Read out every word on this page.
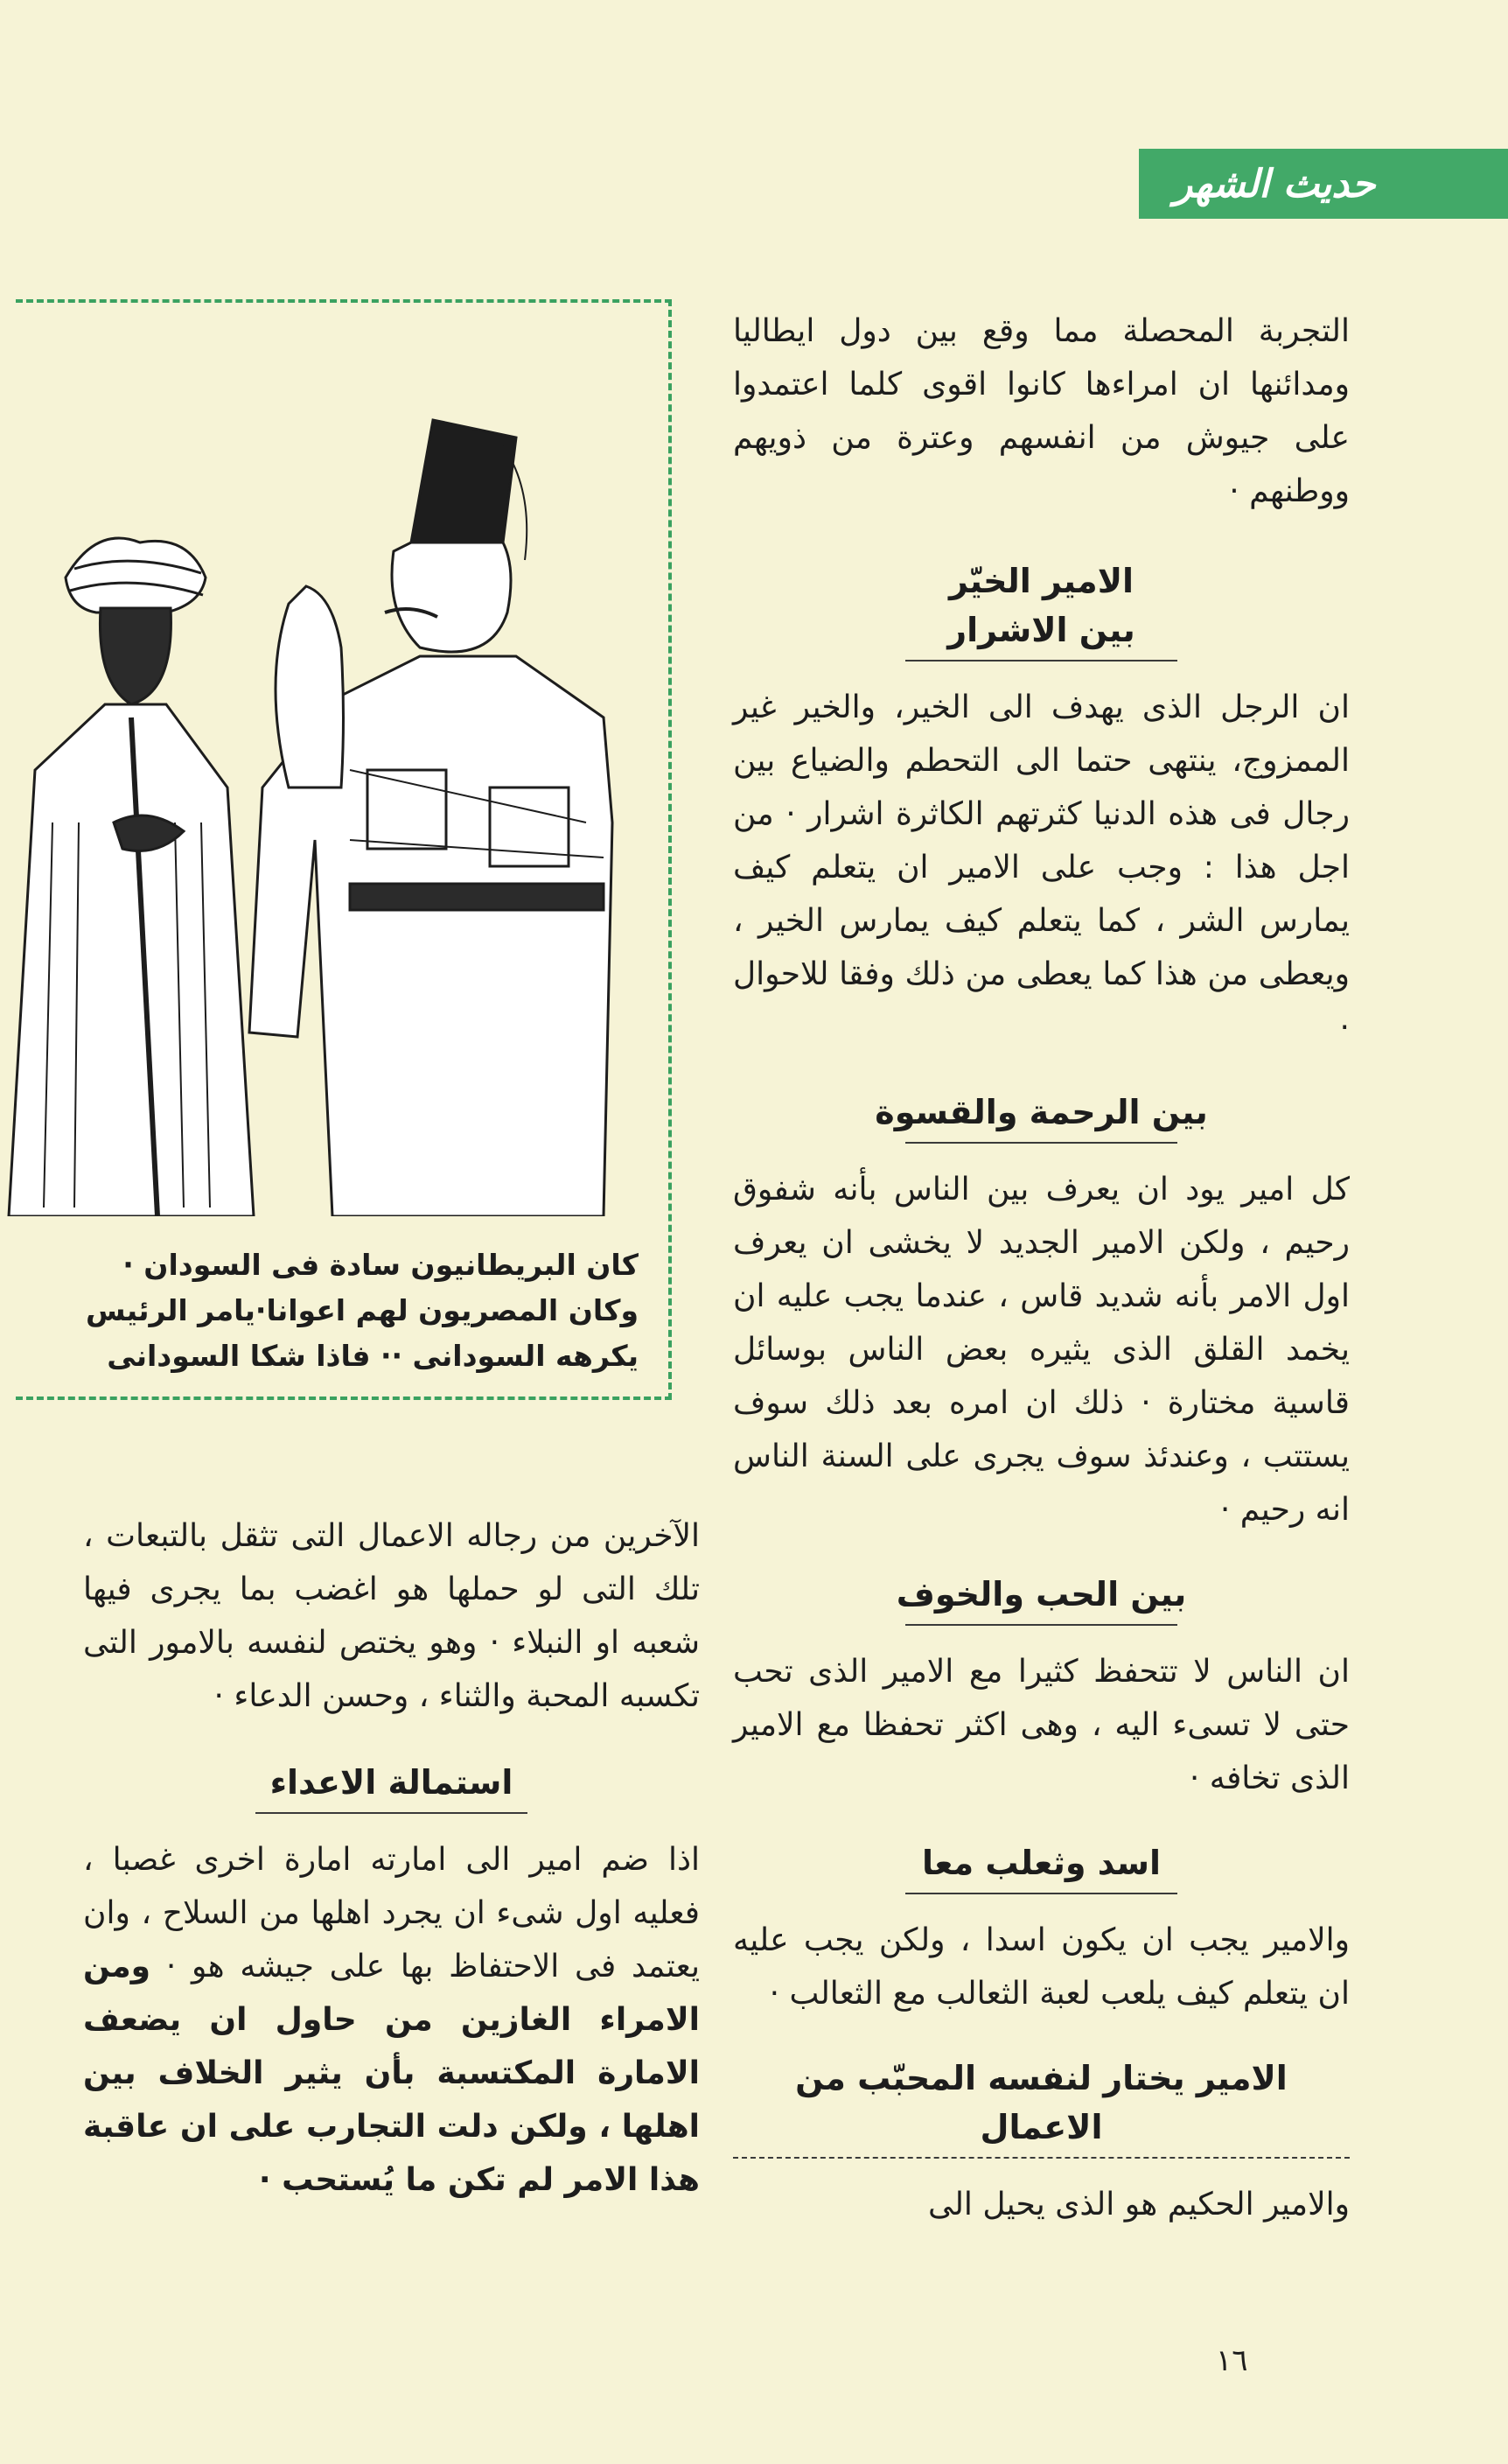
حديث الشهر

التجربة المحصلة مما وقع بين دول ايطاليا ومدائنها ان امراءها كانوا اقوى كلما اعتمدوا على جيوش من انفسهم وعترة من ذويهم ووطنهم ·

الامير الخيّر

بين الاشرار

ان الرجل الذى يهدف الى الخير، والخير غير الممزوج، ينتهى حتما الى التحطم والضياع بين رجال فى هذه الدنيا كثرتهم الكاثرة اشرار · من اجل هذا : وجب على الامير ان يتعلم كيف يمارس الشر ، كما يتعلم كيف يمارس الخير ، ويعطى من هذا كما يعطى من ذلك وفقا للاحوال ·

بين الرحمة والقسوة

كل امير يود ان يعرف بين الناس بأنه شفوق رحيم ، ولكن الامير الجديد لا يخشى ان يعرف اول الامر بأنه شديد قاس ، عندما يجب عليه ان يخمد القلق الذى يثيره بعض الناس بوسائل قاسية مختارة · ذلك ان امره بعد ذلك سوف يستتب ، وعندئذ سوف يجرى على السنة الناس انه رحيم ·

بين الحب والخوف

ان الناس لا تتحفظ كثيرا مع الامير الذى تحب حتى لا تسىء اليه ، وهى اكثر تحفظا مع الامير الذى تخافه ·

اسد وثعلب معا

والامير يجب ان يكون اسدا ، ولكن يجب عليه ان يتعلم كيف يلعب لعبة الثعالب مع الثعالب ·

الامير يختار لنفسه المحبّب من الاعمال

والامير الحكيم هو الذى يحيل الى

كان البريطانيون سادة فى السودان ·
وكان المصريون لهم اعوانا·يامر الرئيس
يكرهه السودانى ·· فاذا شكا السودانى

الآخرين من رجاله الاعمال التى تثقل بالتبعات ، تلك التى لو حملها هو اغضب بما يجرى فيها شعبه او النبلاء · وهو يختص لنفسه بالامور التى تكسبه المحبة والثناء ، وحسن الدعاء ·

استمالة الاعداء

اذا ضم امير الى امارته امارة اخرى غصبا ، فعليه اول شىء ان يجرد اهلها من السلاح ، وان يعتمد فى الاحتفاظ بها على جيشه هو · ومن الامراء الغازين من حاول ان يضعف الامارة المكتسبة بأن يثير الخلاف بين اهلها ، ولكن دلت التجارب على ان عاقبة هذا الامر لم تكن ما يُستحب ·

١٦
